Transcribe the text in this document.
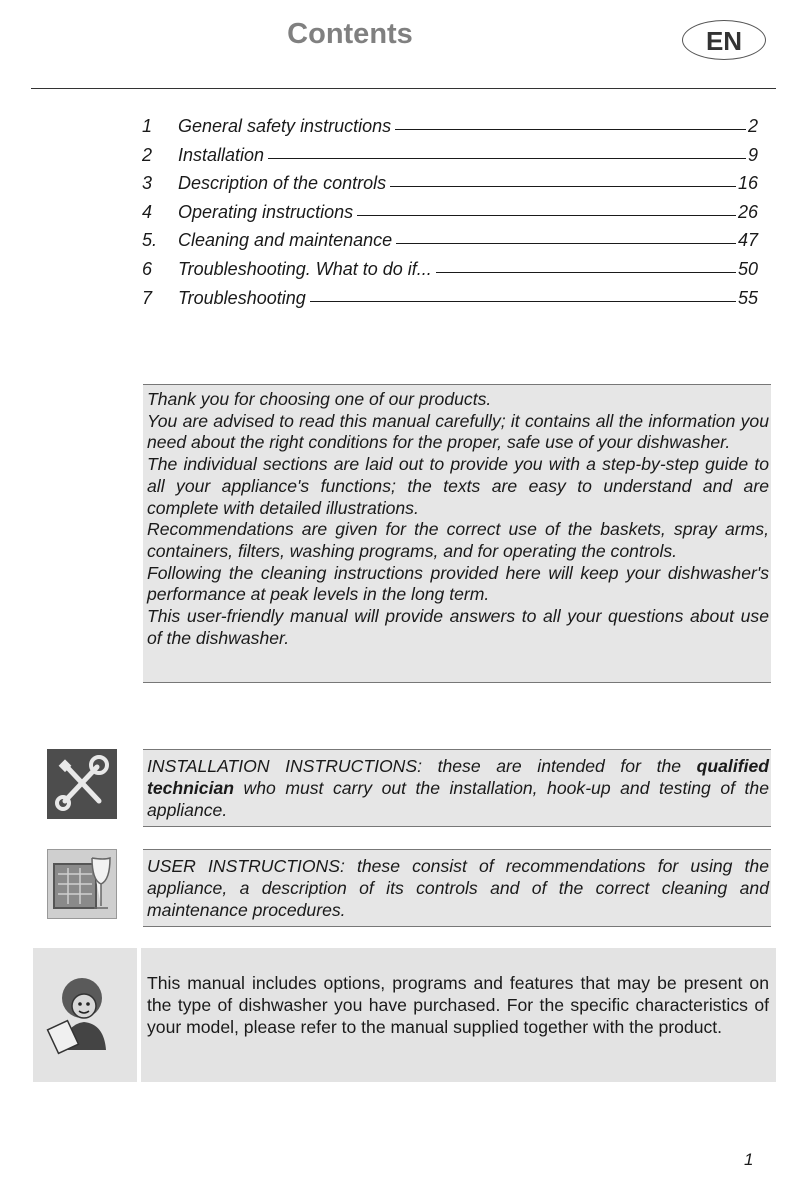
Contents	EN
1	General safety instructions	2
2	Installation	9
3	Description of the controls	16
4	Operating instructions	26
5.	Cleaning and maintenance	47
6	Troubleshooting. What to do if...	50
7	Troubleshooting	55

Thank you for choosing one of our products.

You are advised to read this manual carefully; it contains all the information you need about the right conditions for the proper, safe use of your dishwasher.

The individual sections are laid out to provide you with a step-by-step guide to all your appliance's functions; the texts are easy to understand and are complete with detailed illustrations.

Recommendations are given for the correct use of the baskets, spray arms, containers, filters, washing programs, and for operating the controls.

Following the cleaning instructions provided here will keep your dishwasher's performance at peak levels in the long term.

This user-friendly manual will provide answers to all your questions about use of the dishwasher.

INSTALLATION INSTRUCTIONS: these are intended for the qualified technician who must carry out the installation, hook-up and testing of the appliance.
USER INSTRUCTIONS: these consist of recommendations for using the appliance, a description of its controls and of the correct cleaning and maintenance procedures.
This manual includes options, programs and features that may be present on the type of dishwasher you have purchased. For the specific characteristics of your model, please refer to the manual supplied together with the product.
1
